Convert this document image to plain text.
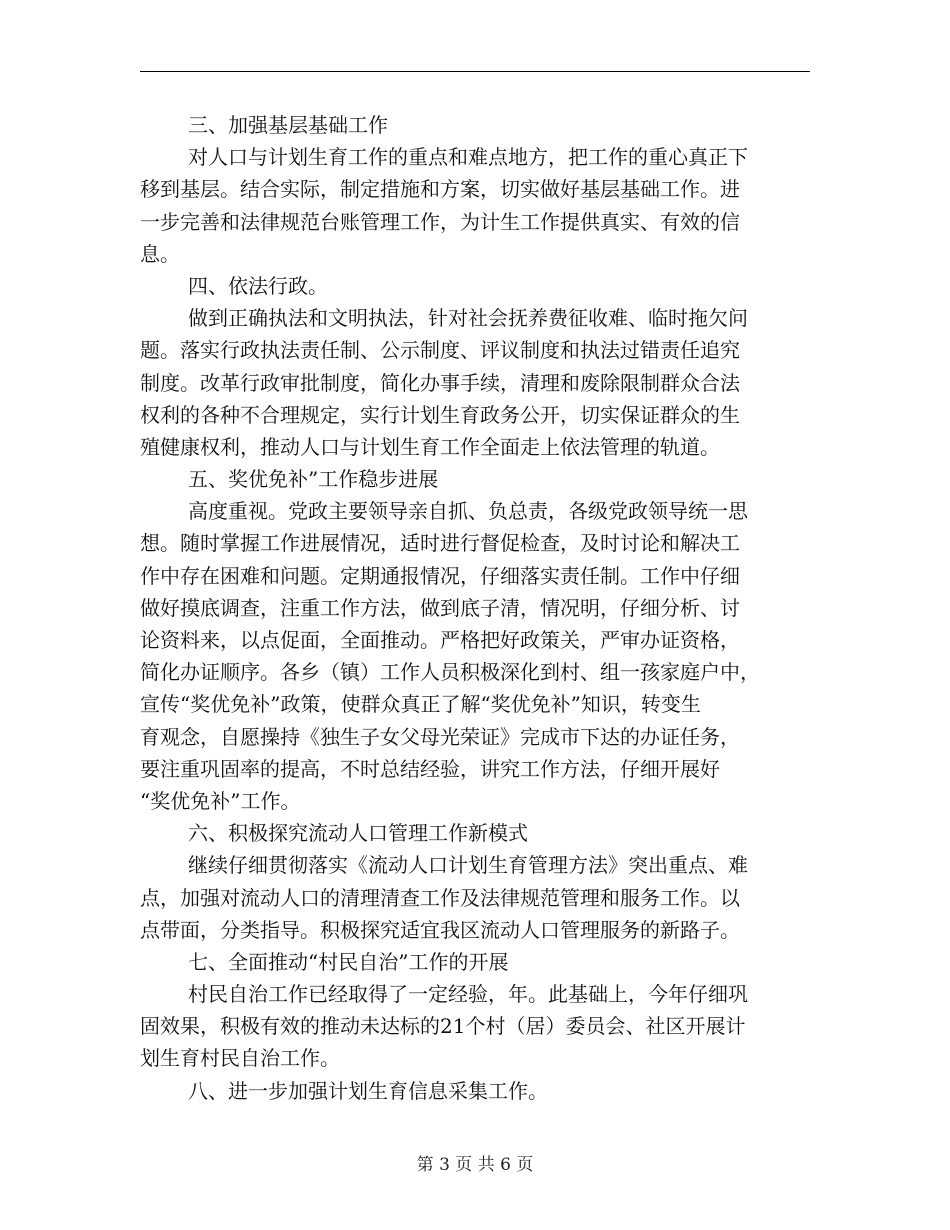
三、加强基层基础工作
对人口与计划生育工作的重点和难点地方，把工作的重心真正下
移到基层。结合实际，制定措施和方案，切实做好基层基础工作。进
一步完善和法律规范台账管理工作，为计生工作提供真实、有效的信
息。
四、依法行政。
做到正确执法和文明执法，针对社会抚养费征收难、临时拖欠问
题。落实行政执法责任制、公示制度、评议制度和执法过错责任追究
制度。改革行政审批制度，简化办事手续，清理和废除限制群众合法
权利的各种不合理规定，实行计划生育政务公开，切实保证群众的生
殖健康权利，推动人口与计划生育工作全面走上依法管理的轨道。
五、奖优免补”工作稳步进展
高度重视。党政主要领导亲自抓、负总责，各级党政领导统一思
想。随时掌握工作进展情况，适时进行督促检查，及时讨论和解决工
作中存在困难和问题。定期通报情况，仔细落实责任制。工作中仔细
做好摸底调查，注重工作方法，做到底子清，情况明，仔细分析、讨
论资料来，以点促面，全面推动。严格把好政策关，严审办证资格，
简化办证顺序。各乡（镇）工作人员积极深化到村、组一孩家庭户中，
宣传“奖优免补”政策，使群众真正了解“奖优免补”知识，转变生
育观念，自愿操持《独生子女父母光荣证》完成市下达的办证任务，
要注重巩固率的提高，不时总结经验，讲究工作方法，仔细开展好
“奖优免补”工作。
六、积极探究流动人口管理工作新模式
继续仔细贯彻落实《流动人口计划生育管理方法》突出重点、难
点，加强对流动人口的清理清查工作及法律规范管理和服务工作。以
点带面，分类指导。积极探究适宜我区流动人口管理服务的新路子。
七、全面推动“村民自治”工作的开展
村民自治工作已经取得了一定经验，年。此基础上，今年仔细巩
固效果，积极有效的推动未达标的21个村（居）委员会、社区开展计
划生育村民自治工作。
八、进一步加强计划生育信息采集工作。
第 3 页 共 6 页
